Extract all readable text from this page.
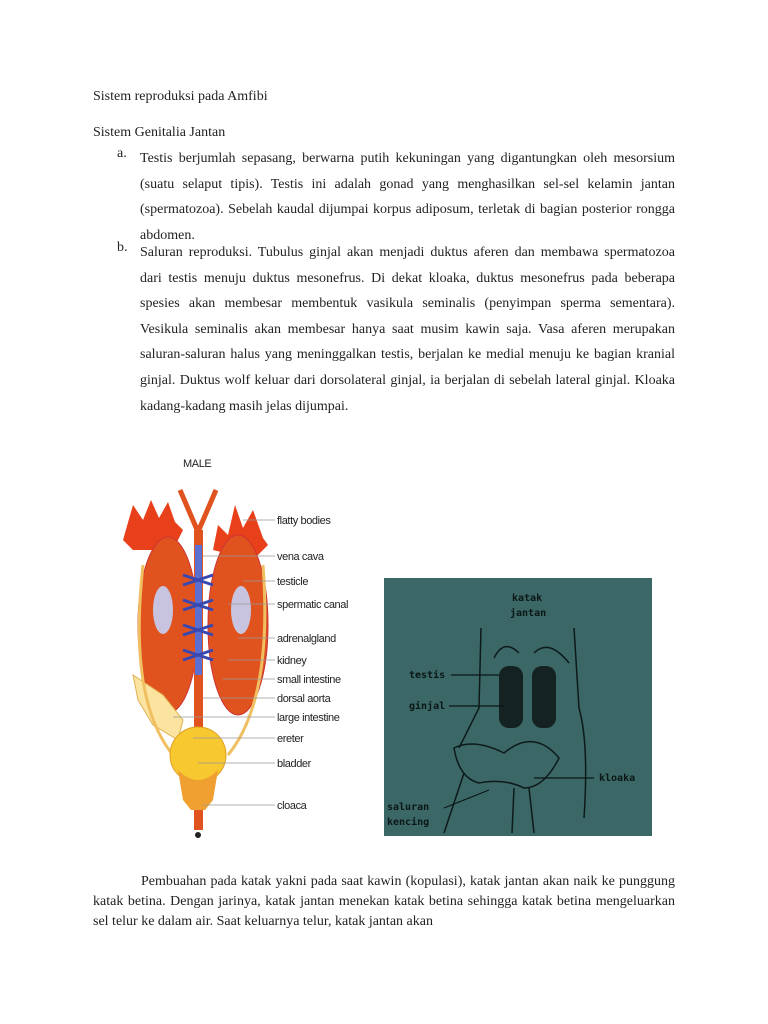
Sistem reproduksi pada Amfibi
Sistem Genitalia Jantan
a. Testis berjumlah sepasang, berwarna putih kekuningan yang digantungkan oleh mesorsium (suatu selaput tipis). Testis ini adalah gonad yang menghasilkan sel-sel kelamin jantan (spermatozoa). Sebelah kaudal dijumpai korpus adiposum, terletak di bagian posterior rongga abdomen.
b. Saluran reproduksi. Tubulus ginjal akan menjadi duktus aferen dan membawa spermatozoa dari testis menuju duktus mesonefrus. Di dekat kloaka, duktus mesonefrus pada beberapa spesies akan membesar membentuk vasikula seminalis (penyimpan sperma sementara). Vesikula seminalis akan membesar hanya saat musim kawin saja. Vasa aferen merupakan saluran-saluran halus yang meninggalkan testis, berjalan ke medial menuju ke bagian kranial ginjal. Duktus wolf keluar dari dorsolateral ginjal, ia berjalan di sebelah lateral ginjal. Kloaka kadang-kadang masih jelas dijumpai.
MALE
flatty bodies
vena cava
testicle
spermatic canal
adrenalgland
kidney
small intestine
dorsal aorta
large intestine
ereter
bladder
cloaca
katak
jantan
testis
ginjal
kloaka
saluran
kencing
Pembuahan pada katak yakni pada saat kawin (kopulasi), katak jantan akan naik ke punggung katak betina. Dengan jarinya, katak jantan menekan katak betina sehingga katak betina mengeluarkan sel telur ke dalam air. Saat keluarnya telur, katak jantan akan
